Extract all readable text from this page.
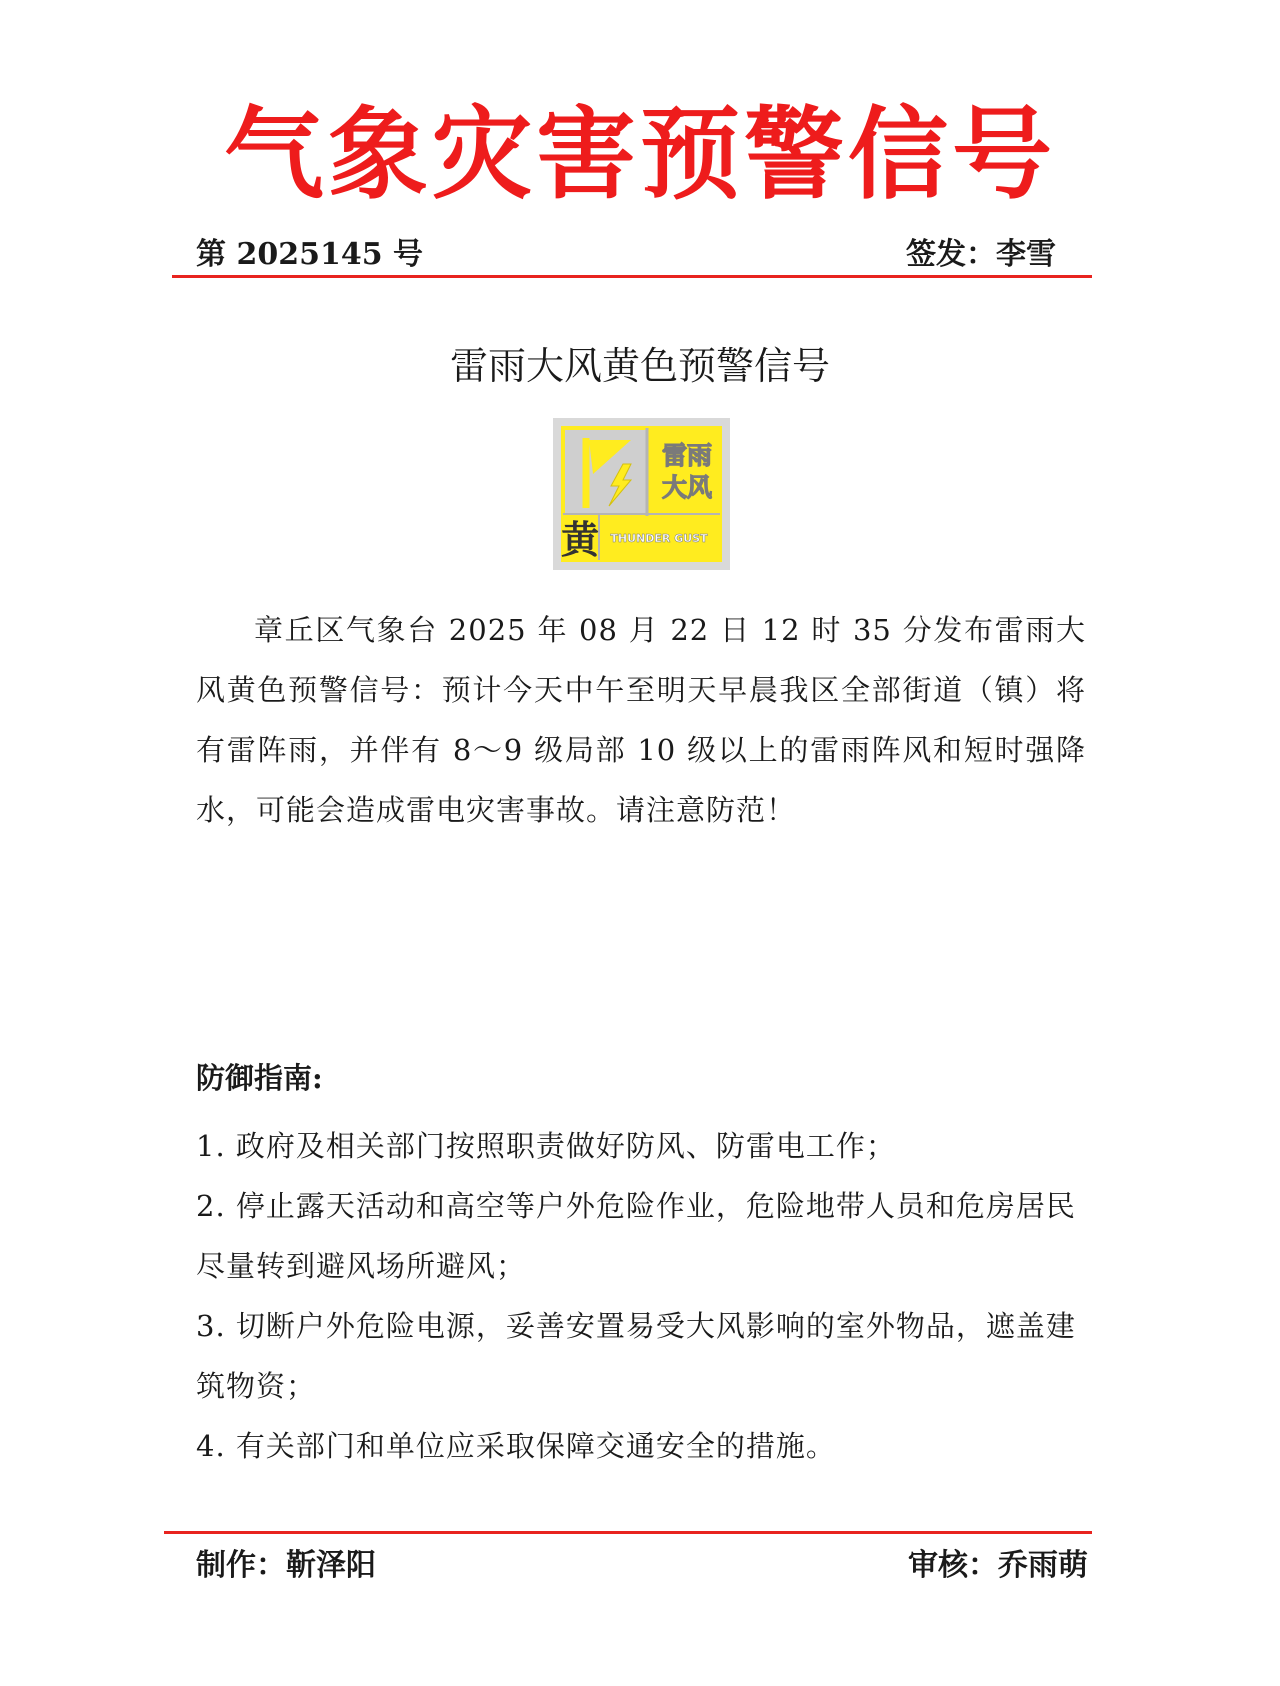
气象灾害预警信号
第 2025145 号	签发：李雪
雷雨大风黄色预警信号
雷雨
大风
黄 THUNDER GUST

章丘区气象台 2025 年 08 月 22 日 12 时 35 分发布雷雨大风黄色预警信号：预计今天中午至明天早晨我区全部街道（镇）将有雷阵雨，并伴有 8～9 级局部 10 级以上的雷雨阵风和短时强降水，可能会造成雷电灾害事故。请注意防范！

防御指南:
1. 政府及相关部门按照职责做好防风、防雷电工作；
2. 停止露天活动和高空等户外危险作业，危险地带人员和危房居民尽量转到避风场所避风；
3. 切断户外危险电源，妥善安置易受大风影响的室外物品，遮盖建筑物资；
4. 有关部门和单位应采取保障交通安全的措施。
制作：靳泽阳	审核：乔雨萌
